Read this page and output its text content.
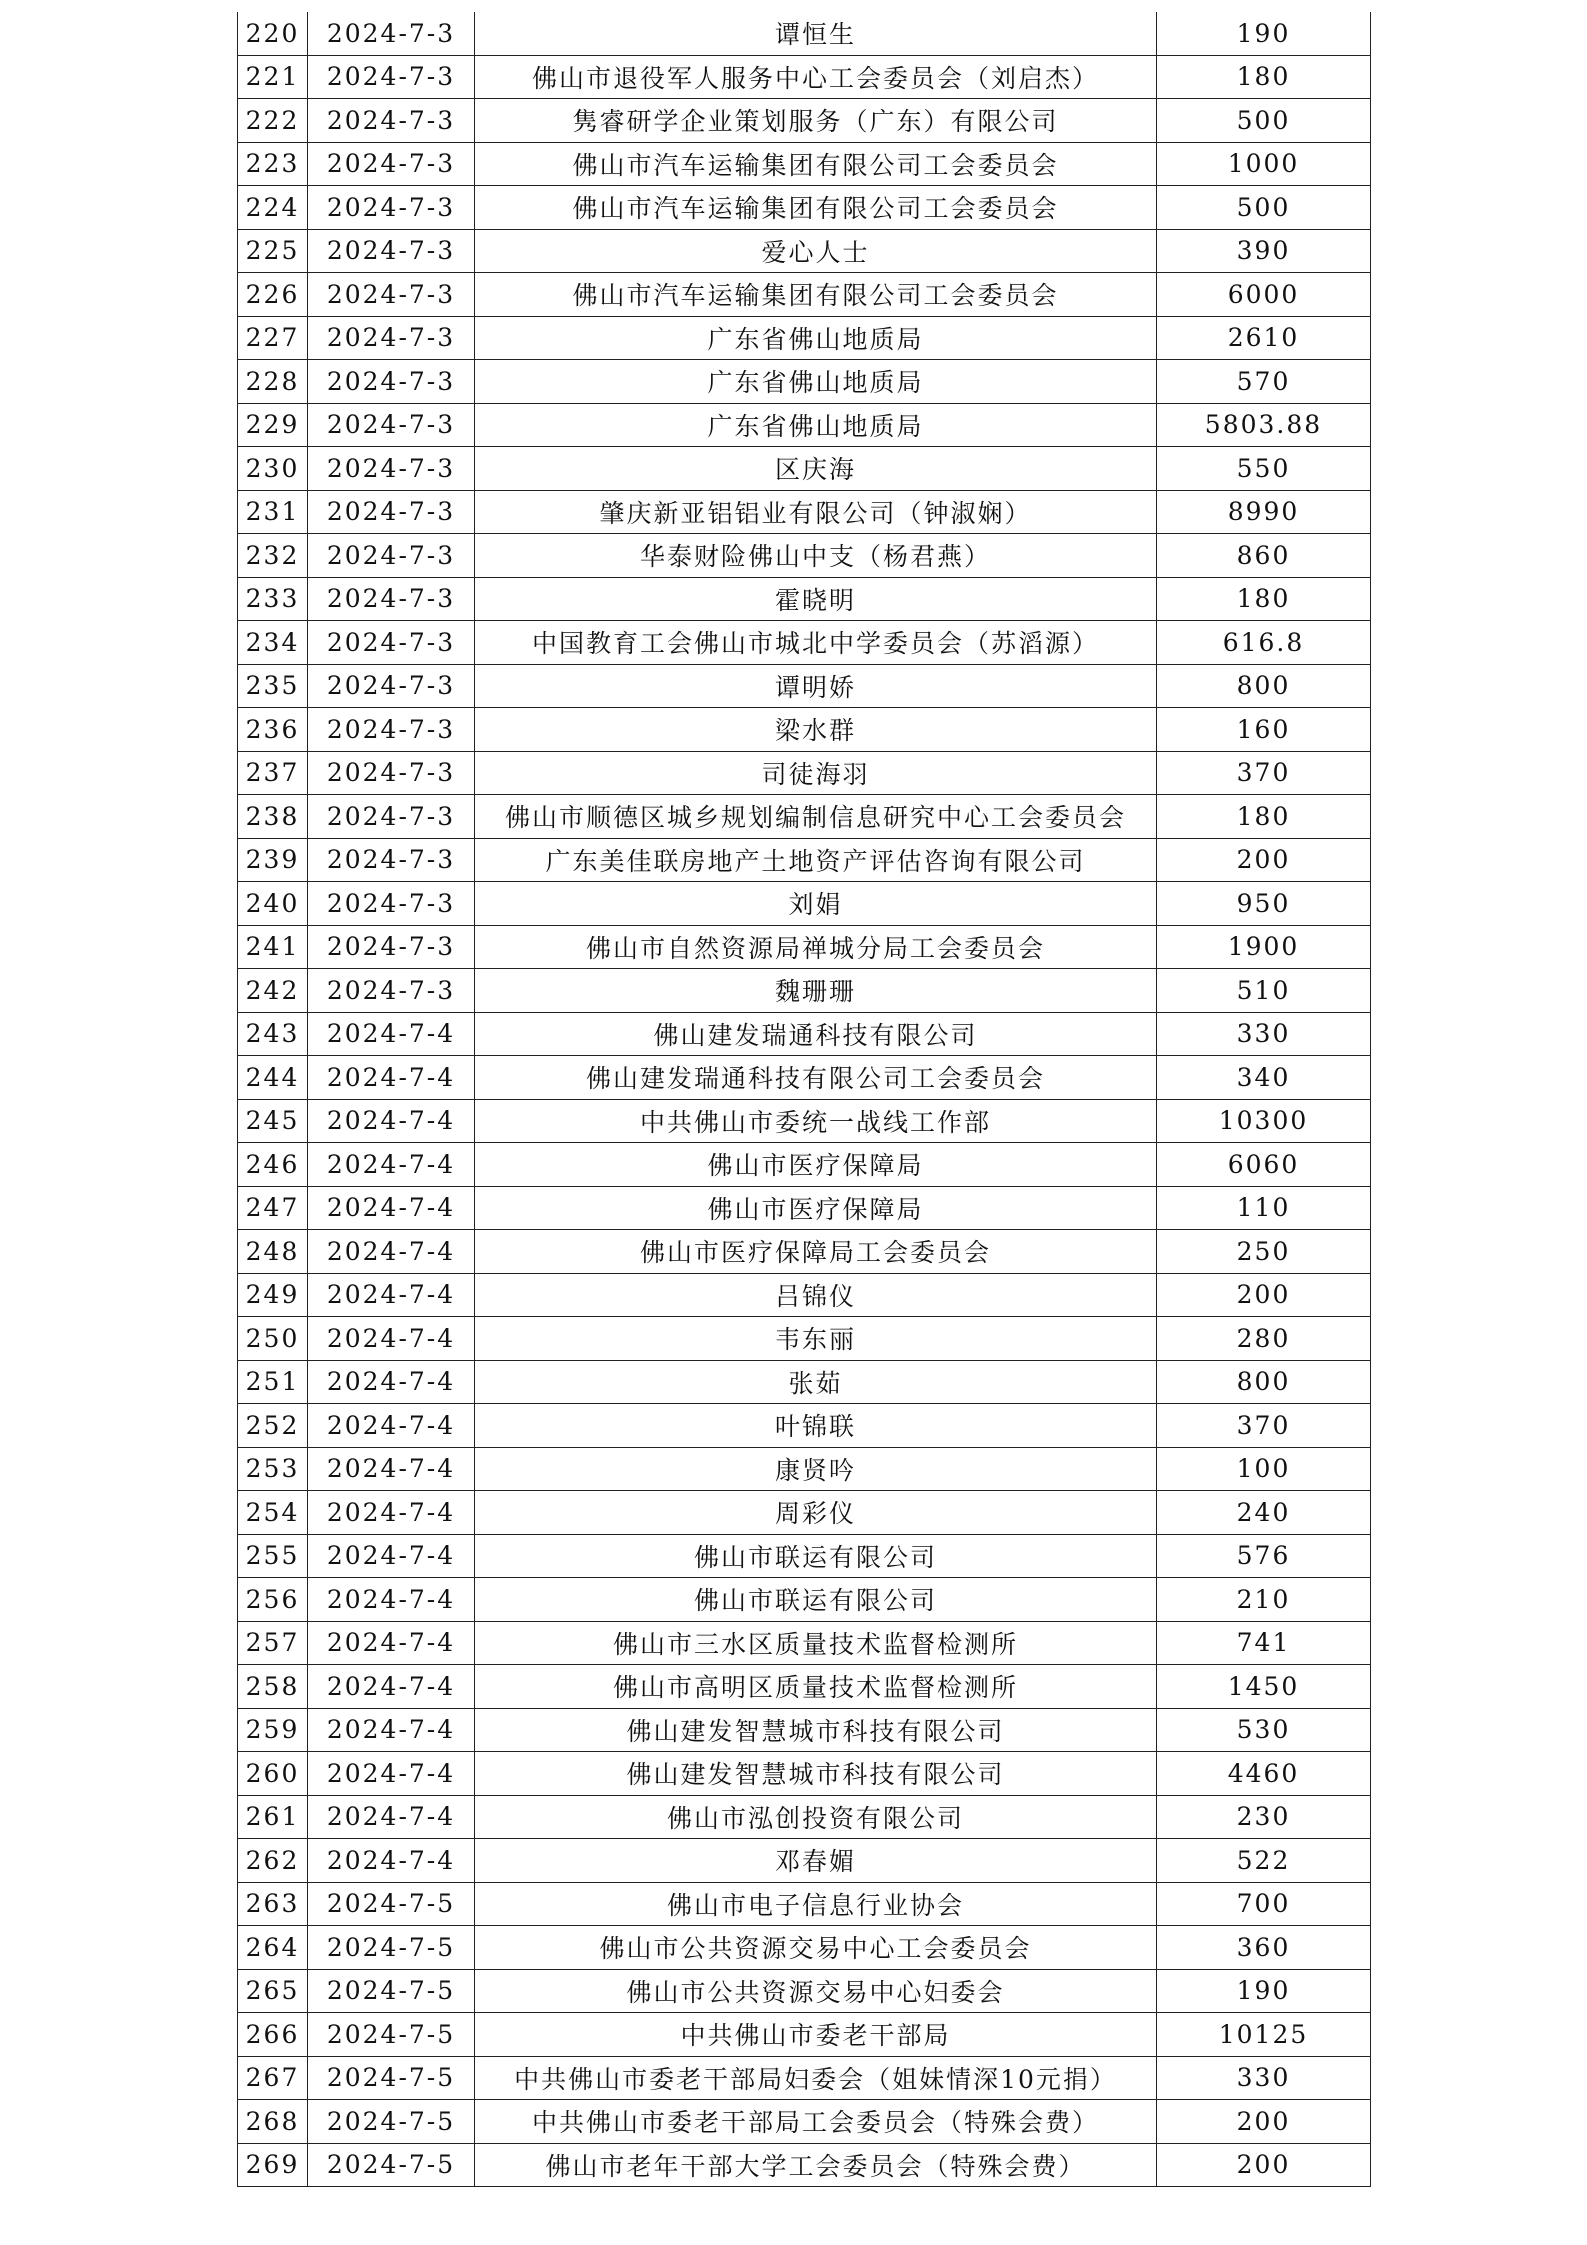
220	2024-7-3	谭恒生	190
221	2024-7-3	佛山市退役军人服务中心工会委员会（刘启杰）	180
222	2024-7-3	隽睿研学企业策划服务（广东）有限公司	500
223	2024-7-3	佛山市汽车运输集团有限公司工会委员会	1000
224	2024-7-3	佛山市汽车运输集团有限公司工会委员会	500
225	2024-7-3	爱心人士	390
226	2024-7-3	佛山市汽车运输集团有限公司工会委员会	6000
227	2024-7-3	广东省佛山地质局	2610
228	2024-7-3	广东省佛山地质局	570
229	2024-7-3	广东省佛山地质局	5803.88
230	2024-7-3	区庆海	550
231	2024-7-3	肇庆新亚铝铝业有限公司（钟淑娴）	8990
232	2024-7-3	华泰财险佛山中支（杨君燕）	860
233	2024-7-3	霍晓明	180
234	2024-7-3	中国教育工会佛山市城北中学委员会（苏滔源）	616.8
235	2024-7-3	谭明娇	800
236	2024-7-3	梁水群	160
237	2024-7-3	司徒海羽	370
238	2024-7-3	佛山市顺德区城乡规划编制信息研究中心工会委员会	180
239	2024-7-3	广东美佳联房地产土地资产评估咨询有限公司	200
240	2024-7-3	刘娟	950
241	2024-7-3	佛山市自然资源局禅城分局工会委员会	1900
242	2024-7-3	魏珊珊	510
243	2024-7-4	佛山建发瑞通科技有限公司	330
244	2024-7-4	佛山建发瑞通科技有限公司工会委员会	340
245	2024-7-4	中共佛山市委统一战线工作部	10300
246	2024-7-4	佛山市医疗保障局	6060
247	2024-7-4	佛山市医疗保障局	110
248	2024-7-4	佛山市医疗保障局工会委员会	250
249	2024-7-4	吕锦仪	200
250	2024-7-4	韦东丽	280
251	2024-7-4	张茹	800
252	2024-7-4	叶锦联	370
253	2024-7-4	康贤吟	100
254	2024-7-4	周彩仪	240
255	2024-7-4	佛山市联运有限公司	576
256	2024-7-4	佛山市联运有限公司	210
257	2024-7-4	佛山市三水区质量技术监督检测所	741
258	2024-7-4	佛山市高明区质量技术监督检测所	1450
259	2024-7-4	佛山建发智慧城市科技有限公司	530
260	2024-7-4	佛山建发智慧城市科技有限公司	4460
261	2024-7-4	佛山市泓创投资有限公司	230
262	2024-7-4	邓春媚	522
263	2024-7-5	佛山市电子信息行业协会	700
264	2024-7-5	佛山市公共资源交易中心工会委员会	360
265	2024-7-5	佛山市公共资源交易中心妇委会	190
266	2024-7-5	中共佛山市委老干部局	10125
267	2024-7-5	中共佛山市委老干部局妇委会（姐妹情深10元捐）	330
268	2024-7-5	中共佛山市委老干部局工会委员会（特殊会费）	200
269	2024-7-5	佛山市老年干部大学工会委员会（特殊会费）	200
